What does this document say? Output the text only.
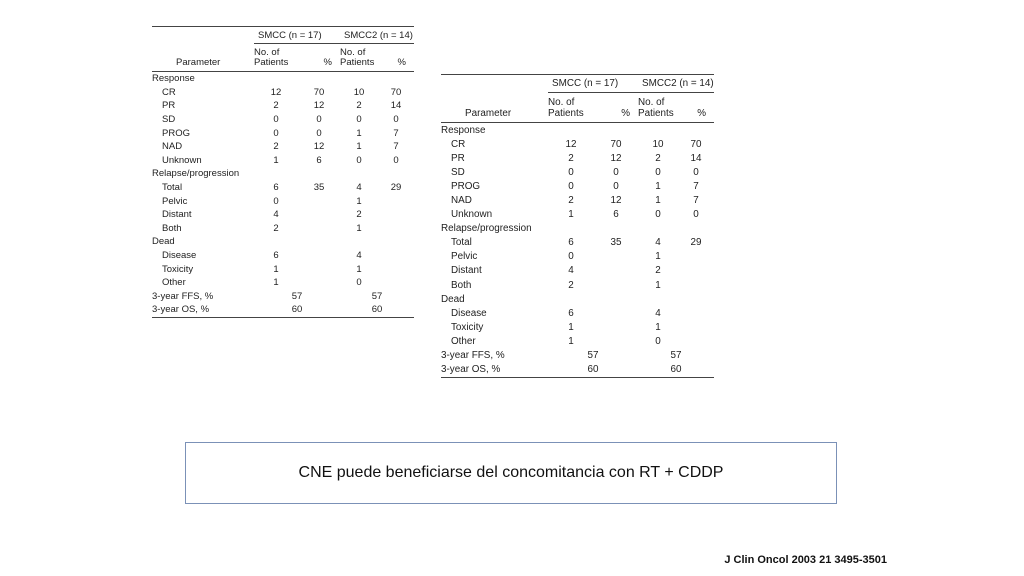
	SMCC (n = 17)		SMCC2 (n = 14)	
Parameter	No. of Patients	%	No. of Patients	%
Response				
CR	12	70	10	70
PR	2	12	2	14
SD	0	0	0	0
PROG	0	0	1	7
NAD	2	12	1	7
Unknown	1	6	0	0
Relapse/progression				
Total	6	35	4	29
Pelvic	0		1	
Distant	4		2	
Both	2		1	
Dead				
Disease	6		4	
Toxicity	1		1	
Other	1		0	
3-year FFS, %	57		57	
3-year OS, %	60		60	
	SMCC (n = 17)		SMCC2 (n = 14)	
Parameter	No. of Patients	%	No. of Patients	%
Response				
CR	12	70	10	70
PR	2	12	2	14
SD	0	0	0	0
PROG	0	0	1	7
NAD	2	12	1	7
Unknown	1	6	0	0
Relapse/progression				
Total	6	35	4	29
Pelvic	0		1	
Distant	4		2	
Both	2		1	
Dead				
Disease	6		4	
Toxicity	1		1	
Other	1		0	
3-year FFS, %	57		57	
3-year OS, %	60		60	
CNE puede beneficiarse del concomitancia con RT + CDDP
J Clin Oncol 2003 21 3495-3501
